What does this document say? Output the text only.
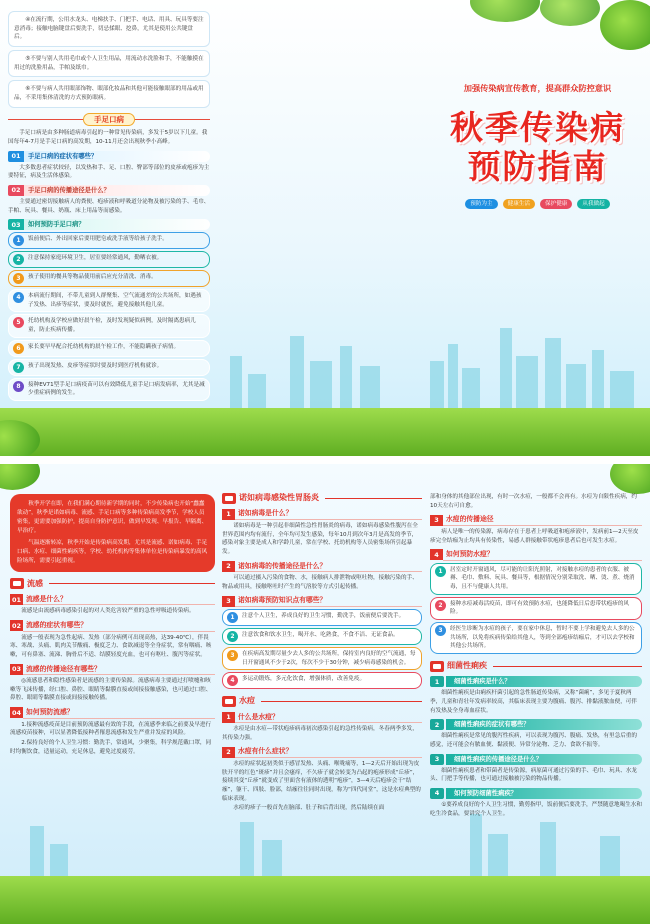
④在流行期，公用水龙头、电梯扶手、门把手、电话、用具、玩具等要注意消毒；接触电脑键盘后要洗手，切忌揉眼、挖鼻，尤其是使用公共键盘后。

⑤不要与别人共用毛巾或个人卫生用品，用流动水洗脸和手，不能触摸在用过的洗脸用品，手帕及纸巾。

⑥不要与病人共用眼部饰物、眼部化妆品和其他可能接触眼部的用品或用品，不采用集体清洗的方式预防眼病。

手足口病

手足口病是由多种肠道病毒引起的一种常见传染病，多发于5岁以下儿童。我国每年4-7月是手足口病的高发期，10-11月还会出现秋季小高峰。

01	手足口病的症状有哪些？

大多数患者症状较轻，以发热和手、足、口腔、臀部等部位的皮疹或疱疹为主要特征，病及生活体感染。

02	手足口病的传播途径是什么？

主要通过密切接触病人的粪便、疱疹液和呼吸道分泌物及被污染的手、毛巾、手帕、玩具、餐具、奶瓶、床上用品等而感染。

03	如何预防手足口病？
1	饭前便后、外出回家后要用肥皂或洗手液等给孩子洗手。
2	注意保持家庭环境卫生，居室要经常通风，勤晒衣被。
3	孩子使用的餐具等物品使用前后应充分清洗、消毒。
4	本病流行期间，不带儿童到人群聚集、空气流通差的公共场所，如遇孩子发热、出疹等症状，要及时就医，避免接触其他儿童。
5	托幼机构及学校应做好晨午检，及时发现疑似病例，及时隔离患病儿童，防止疾病传播。
6	家长要早早配合托幼机构的晨午检工作，不能隐瞒孩子病情。
7	孩子出现发热、皮疹等症状时要及时到医疗机构就诊。
8	接种EV71型手足口病疫苗可以有效降低儿童手足口病发病率，尤其是减少重症病例的发生。
加强传染病宣传教育，提高群众防控意识
秋季传染病
预防指南
预防为主	健康生活	保护健康	从我做起

秋季开学在即，在我们满心期待新学期的同时，不少传染病也开始“蠢蠢欲动”，秋季是诺如病毒、流感、手足口病等多种传染病高发季节，学校人员密集，更需要加强防护，提高自身防护意识，做到早发现、早报告、早隔离、早治疗。

气温逐渐转凉，秋季开始是传染病高发期，尤其是流感、诺如病毒、手足口病、水痘、细菌性痢疾等，学校、幼托机构等集体单位是传染病暴发的高风险场所，需要引起重视。

流感
01 流感是什么？

流感是由流感病毒感染引起的对人类危害较严重的急性呼吸道传染病。

02 流感的症状有哪些？

流感一般表现为急性起病、发热（部分病例可出现高热，达39-40℃），伴畏寒、寒战、头痛、肌肉关节酸痛、极度乏力、食欲减退等全身症状，常有咽痛、咳嗽，可有鼻塞、流涕、胸骨后不适、结膜轻度充血，也可有呕吐、腹泻等症状。

03 流感的传播途径有哪些？

◎流感患者和隐性感染者是流感的主要传染源。流感病毒主要通过打喷嚏和咳嗽等飞沫传播，经口腔、鼻腔、眼睛等黏膜直接或间接接触感染，也可通过口腔、鼻腔、眼睛等黏膜直接或间接接触传播。

04 如何预防流感？

1.接种流感疫苗是目前预防流感最有效的手段，在流感季来临之前要及早进行流感疫苗接种，可以显著降低接种者罹患流感和发生严重并发症的风险。

2.保持良好的个人卫生习惯：勤洗手，常通风，少聚集，科学规范戴口罩，同时均衡饮食，适量运动，充足休息，避免过度疲劳。

诺如病毒感染性胃肠炎
1	诺如病毒是什么？

诺如病毒是一种引起非细菌性急性胃肠炎的病毒，诺如病毒感染性腹泻在全世界范围内均有流行，全年均可发生感染，每年10月到次年3月是高发的季节，感染对象主要是成人和学龄儿童，常在学校、托幼机构等人员密集场所引起暴发。

2	诺如病毒的传播途径是什么？

可以通过摄入污染的食物、水，接触病人排泄物或呕吐物，接触污染的手、物品或用具，接触呕吐时产生的气溶胶等方式引起传播。

3	诺如病毒预防知识点有哪些？
1	注意个人卫生，养成良好的卫生习惯，勤洗手，饭前便后要洗手。
2	注意饮食和饮水卫生，喝开水、吃熟食，不食不洁、无证食品。
3	在疾病高发期尽量少去人多的公共场所，保持室内良好的空气流通，每日开窗通风不少于2次，每次不少于30分钟，减少病毒感染的机会。
4	多运动锻炼，多元化饮食，增强体质，改善免疫。
水痘
1	什么是水痘？

水痘是由水痘—带状疱疹病毒初次感染引起的急性传染病，冬春两季多发，其传染力强。

2	水痘有什么症状？

水痘的症状起初类似于感冒发热、头痛、喉咙痛等，1—2天后开始出现为皮肤开平的红色“斑疹”并且会瘙痒，不久疹子就会转变为凸起的疱疹形成“丘疹”，接续其变“丘疹”就变成了里面含有液体的透明“疱疹”，3—4天后疱疹会干“结痂”，躯干、四肢、脸部，结痂往往同时出现，称为“四代同堂”，这是水痘典型的临床表现。

水痘的疹子一般首先在脑部、肚子和后背出现，然后陆续在面

部和身体的其他部位出现，有时一次水痘，一般都不会再有。水痘为自限性疾病，约10天左右可自愈。

3	水痘的传播途径

病人是唯一的传染源，病毒存在于患者上呼吸道和疱疹液中，发病前1—2天至皮疹完全结痂为止均具有传染性，易感人群接触带状疱疹患者后也可发生水痘。

4	如何预防水痘？
1	居室定时开窗通风，尽可能的让阳光照射，对接触水痘的患者的衣服、被褥、毛巾、敷料、玩具、餐具等，根据情况分别采取洗、晒、烫、煮、烧消毒，且不与健康人共用。
2	接种水痘减毒活疫苗，即可有效预防水痘，也能降低日后患带状疱疹的风险。
3	经医生诊断为水痘的孩子，要在家中休息，暂时不要上学和避免去人多的公共场所，以免将疾病传染给其他人，等到全部疱疹结痂后，才可以去学校和其他公共场所。
细菌性痢疾
1	细菌性痢疾是什么？

细菌性痢疾是由痢疾杆菌引起的急性肠道传染病，又称“菌痢”，多见于夏秋两季，儿童和青壮年发病率较高，其临床表现主要为腹痛、腹泻、排黏液脓血便，可伴有发热及全身毒血症状。

2	细菌性痢疾的症状有哪些？

细菌性痢疾是常见的腹泻性疾病，可以表现为腹泻、腹痛、发热，有里急后重的感觉，还可能会有脓血便、黏液便、异常分泌物、乏力、食欲不振等。

3	细菌性痢疾的传播途径是什么？

细菌性痢疾患者和带菌者是传染源，病原菌可通过污染的手、毛巾、玩具、水龙头、门把手等传播，也可通过接触被污染的物品传播。

4	如何预防细菌性痢疾？

①要养成良好的个人卫生习惯，勤剪指甲，饭前便后要洗手，严禁随意地喝生水和吃生冷食品，要讲究个人卫生。
